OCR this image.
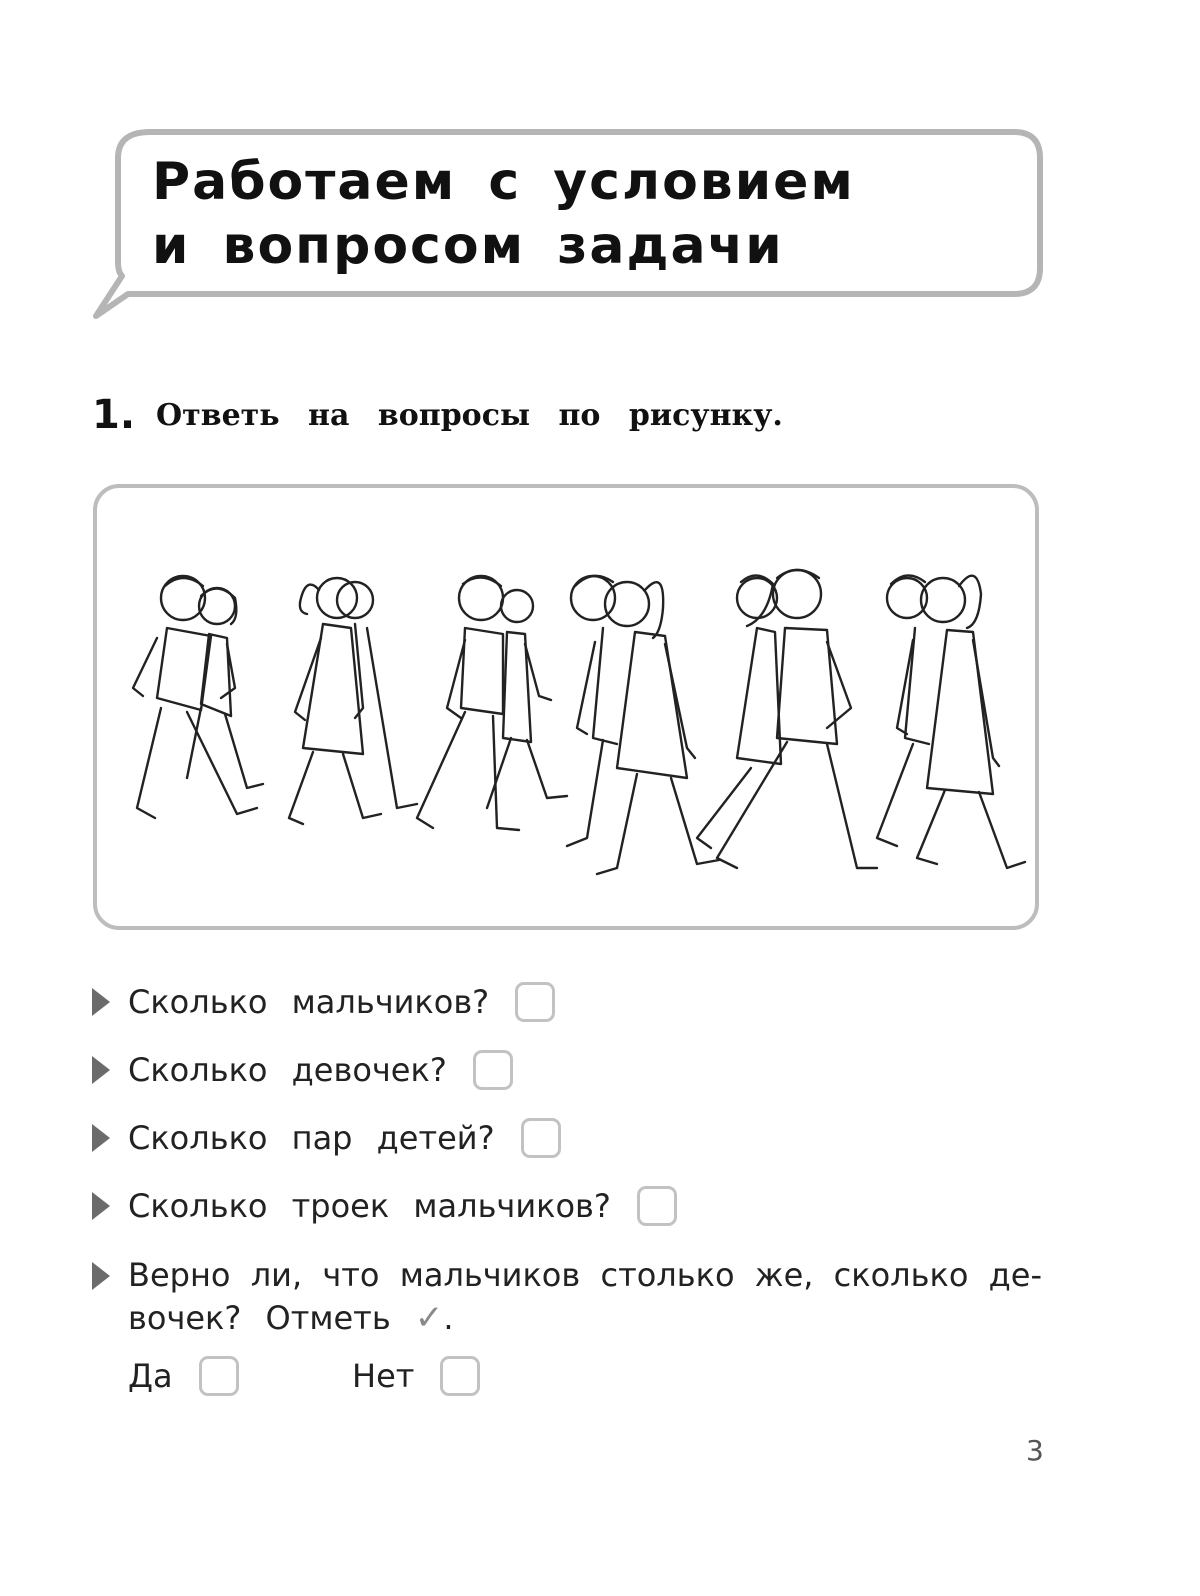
Работаем с условием
и вопросом задачи
1. Ответь на вопросы по рисунку.
Сколько мальчиков?
Сколько девочек?
Сколько пар детей?
Сколько троек мальчиков?
Верно ли, что мальчиков столько же, сколько де-
вочек? Отметь ✓.
Да	Нет
3
